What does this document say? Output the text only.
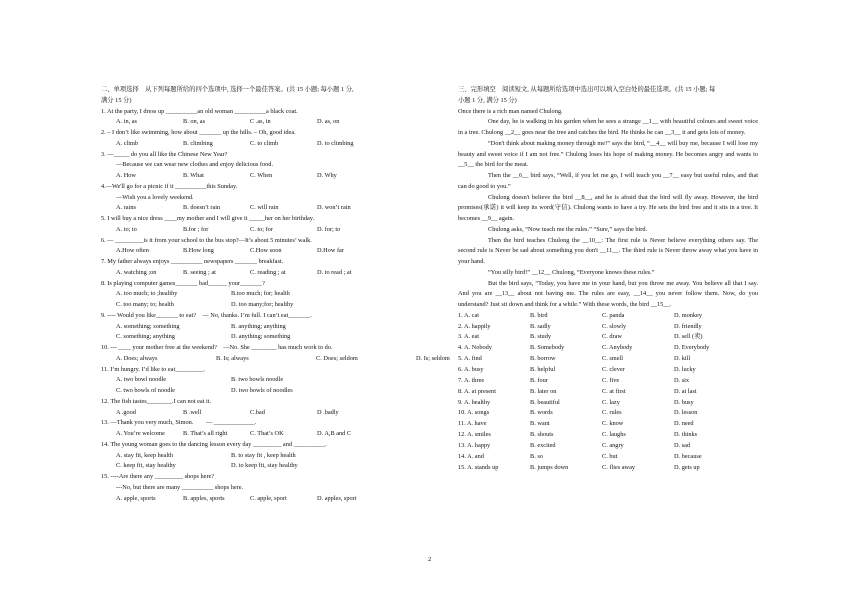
二、单项选择　从下列每题所给的四个选项中, 选择一个最佳答案。(共 15 小题; 每小题 1 分,
满分 15 分)
1. At the party, I dress up __________an old woman __________a black coat.
A. in, as	B. on, as	C .as, in	D. as, on
2. – I don’t like swimming, how about _______ up the hills. – Oh, good idea.
A. climb	B. climbing	C. to climb	D. to climbing
3. —_____ do you all like the Chinese New Year?
—Because we can wear new clothes and enjoy delicious food.
A. How	B. What	C. When	D. Why
4.—We'll go for a picnic if it __________this Sunday.
—Wish you a lovely weekend.
A. rains	B. doesn’t rain	C. will rain	D. won’t rain
5. I will buy a nice dress ____my mother and I will give it _____her on her birthday.
A. to; to	B.for ; for	C. to; for	D. for; to
6. — _________is it from your school to the bus stop?—It’s about 5 minutes’ walk.
A.How often	B.How long	C.How soon	D.How far
7. My father always enjoys __________ newspapers _______ breakfast.
A. watching ;on	B. seeing ; at	C. reading ; at	D. to read ; at
8. Is playing computer games_______ bad______ your_______?
A. too much; to ;healthy	B.too much; for; health
C. too many; to; health	D. too many;for; healthy
9. ---- Would you like_______ to eat?　— No, thanks. I’m full. I can’t eat_______.
A. something; something	B. anything; anything
C. something; anything	D. anything; something
10. --- ____ your mother free at the weekend?　—No. She ________ has much work to do.
A. Does; always	B. Is; always	C. Does; seldom	D. Is; seldom
11. I’m hungry. I’d like to eat_________.
A. two bowl noodle	B. two bowls noodle
C. two bowls of noodle	D. two bowls of noodles
12. The fish tastes________.I can not eat it.
A .good	B .well	C.bad	D .badly
13. —Thank you very much, Simon.　　— _____________.
A. You’re welcome	B. That’s all right	C. That’s OK	D. A,B and C
14. The young woman goes to the dancing lesson every day _________ and __________.
A. stay fit, keep health	B. to stay fit , keep health
C. keep fit, stay healthy	D. to keep fit, stay healthy
15. ----Are there any _________ shops here?
---No, but there are many __________ shops here.
A. apple, sports	B. apples, sports	C. apple, sport	D. apples, sport
三、完形填空　阅读短文, 从每题所给选项中选出可以填入空白处的最佳选项。(共 15 小题; 每
小题 1 分, 满分 15 分)

Once there is a rich man named Chulong.

One day, he is walking in his garden when he sees a strange __1__ with beautiful colours and sweet voice in a tree. Chulong __2__ goes near the tree and catches the bird. He thinks he can __3__ it and gets lots of money.

“Don't think about making money through me!” says the bird, “__4__ will buy me, because I will lose my beauty and sweet voice if I am not free.” Chulong loses his hope of making money. He becomes angry and wants to __5__ the bird for the meat.

Then the __6__ bird says, “Well, if you let me go, I will teach you __7__ easy but useful rules, and that can do good to you.”

Chulong doesn't believe the bird __8__, and he is afraid that the bird will fly away. However, the bird promises(承诺) it will keep its word(守信). Chulong wants to have a try. He sets the bird free and it sits in a tree. It becomes __9__ again.

Chulong asks, “Now teach me the rules.” “Sure,” says the bird.

Then the bird teaches Chulong the __10__: The first rule is Never believe everything others say. The second rule is Never be sad about something you don't __11__. The third rule is Never throw away what you have in your hand.

“You silly bird!” __12__ Chulong, “Everyone knows these rules.”

But the bird says, “Today, you have me in your hand, but you throw me away. You believe all that I say. And you are __13__ about not having me. The rules are easy, __14__ you never follow them. Now, do you understand? Just sit down and think for a while.” With these words, the bird __15__.

1. A. cat	B. bird	C. panda	D. monkey
2. A. happily	B. sadly	C. slowly	D. friendly
3. A. eat	B. study	C. draw	D. sell (卖)
4. A. Nobody	B. Somebody	C. Anybody	D. Everybody
5. A. find	B. borrow	C. smell	D. kill
6. A. busy	B. helpful	C. clever	D. lucky
7. A. three	B. four	C. five	D. six
8. A. at present	B. later on	C. at first	D. at last
9. A. healthy	B. beautiful	C. lazy	D. busy
10. A. songs	B. words	C. rules	D. lesson
11. A. have	B. want	C. know	D. need
12. A. smiles	B. shouts	C. laughs	D. thinks
13. A. happy	B. excited	C. angry	D. sad
14. A. and	B. so	C. but	D. because
15. A. stands up	B. jumps down	C. flies away	D. gets up
2
